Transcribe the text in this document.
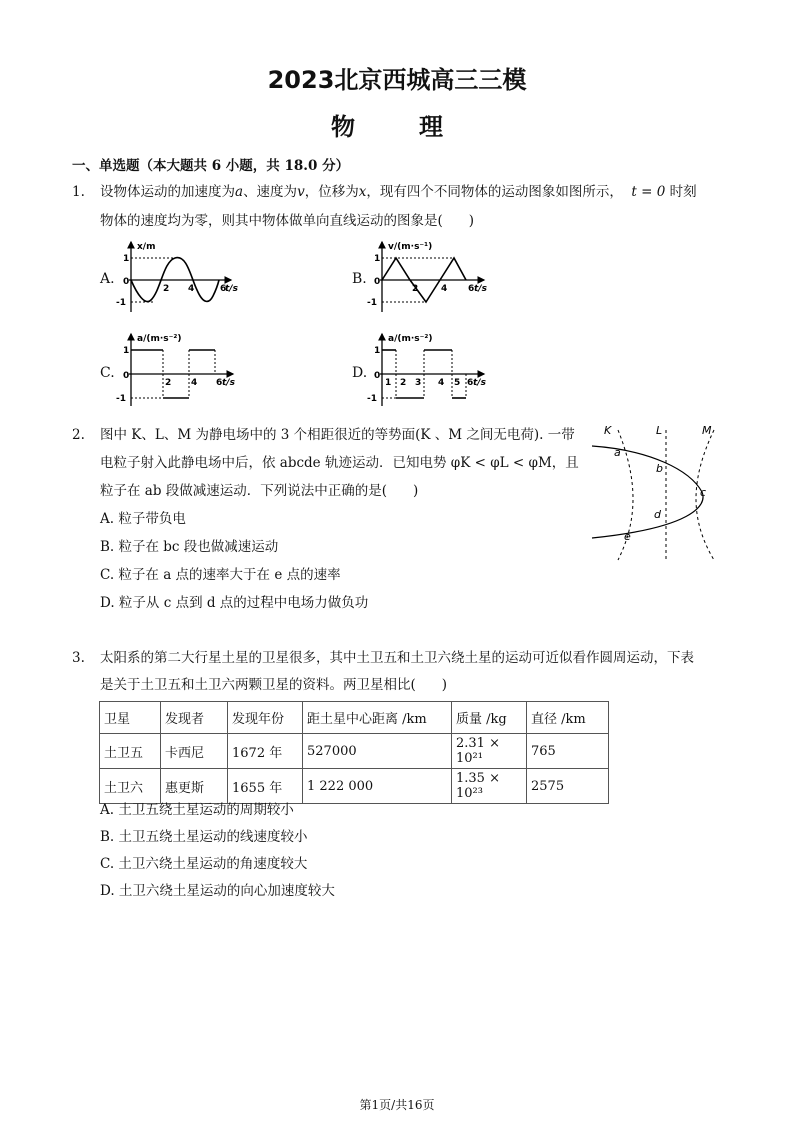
2023北京西城高三三模
物　理
一、单选题（本大题共 6 小题，共 18.0 分）
1. 设物体运动的加速度为a、速度为v，位移为x，现有四个不同物体的运动图象如图所示， t = 0 时刻
物体的速度均为零，则其中物体做单向直线运动的图象是( )
A.	B.
C.	D.
x/m
1
0
-1
2 4	6
t/s
v/(m·s⁻¹)
1
0
-1
2	4 6 t/s
a/(m·s⁻²)
1
0
-1
2 4 6 t/s
a/(m·s⁻²)
1
0
-1
1 2 3 4 5 6 t/s
2. 图中 K、L、M 为静电场中的 3 个相距很近的等势面(K 、M 之间无电荷). 一带
电粒子射入此静电场中后，依 abcde 轨迹运动．已知电势 φK < φL < φM，且
粒子在 ab 段做减速运动．下列说法中正确的是( )
A. 粒子带负电
B. 粒子在 bc 段也做减速运动
C. 粒子在 a 点的速率大于在 e 点的速率
D. 粒子从 c 点到 d 点的过程中电场力做负功
K	L	M
a
b
c
d
e
3. 太阳系的第二大行星土星的卫星很多，其中土卫五和土卫六绕土星的运动可近似看作圆周运动，下表
是关于土卫五和土卫六两颗卫星的资料。两卫星相比( )
卫星	发现者	发现年份	距土星中心距离 /km	质量 /kg	直径 /km
土卫五	卡西尼	1672 年	527000	2.31 × 10²¹	765
土卫六	惠更斯	1655 年	1 222 000	1.35 × 10²³	2575
A. 土卫五绕土星运动的周期较小
B. 土卫五绕土星运动的线速度较小
C. 土卫六绕土星运动的角速度较大
D. 土卫六绕土星运动的向心加速度较大
第1页/共16页
